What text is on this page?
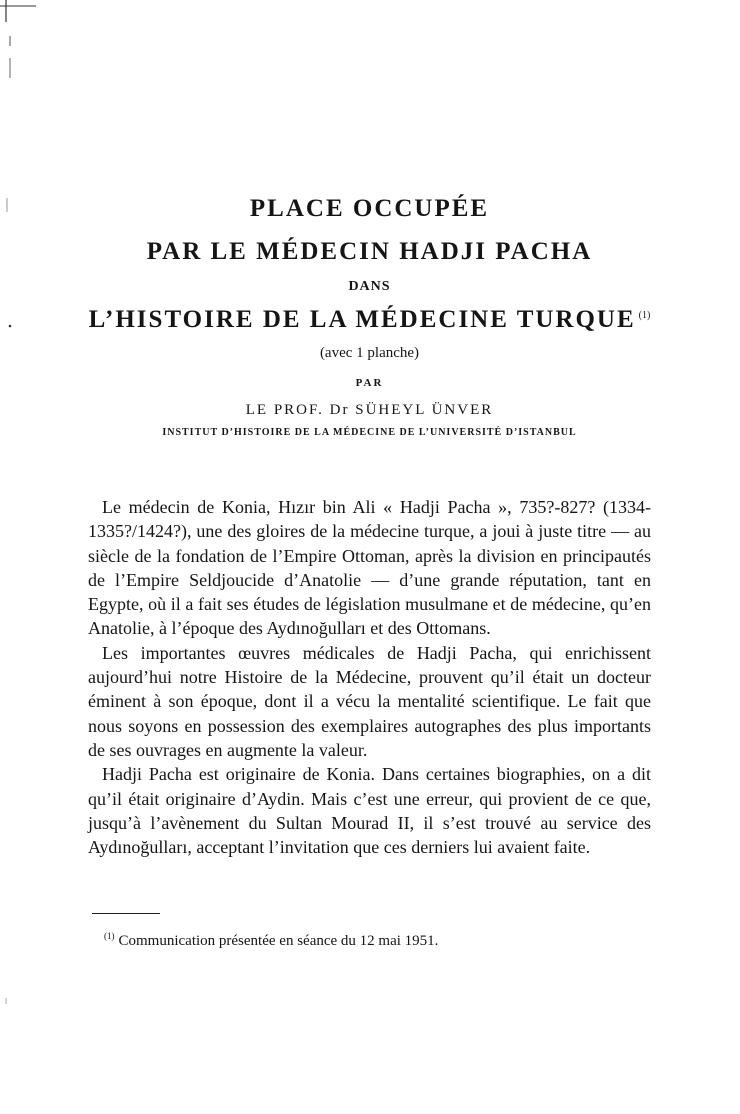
PLACE OCCUPÉE
PAR LE MÉDECIN HADJI PACHA
DANS
L’HISTOIRE DE LA MÉDECINE TURQUE $^{(1)}$
(avec 1 planche)
PAR
LE PROF. Dr SÜHEYL ÜNVER
INSTITUT D’HISTOIRE DE LA MÉDECINE DE L’UNIVERSITÉ D’ISTANBUL

Le médecin de Konia, Hızır bin Ali « Hadji Pacha », 735?-827? (1334-1335?/1424?), une des gloires de la médecine turque, a joui à juste titre — au siècle de la fondation de l’Empire Ottoman, après la division en principautés de l’Empire Seldjoucide d’Anatolie — d’une grande réputation, tant en Egypte, où il a fait ses études de législation musulmane et de médecine, qu’en Anatolie, à l’époque des Aydınoğulları et des Ottomans.

Les importantes œuvres médicales de Hadji Pacha, qui enrichissent aujourd’hui notre Histoire de la Médecine, prouvent qu’il était un docteur éminent à son époque, dont il a vécu la mentalité scientifique. Le fait que nous soyons en possession des exemplaires autographes des plus importants de ses ouvrages en augmente la valeur.

Hadji Pacha est originaire de Konia. Dans certaines biographies, on a dit qu’il était originaire d’Aydin. Mais c’est une erreur, qui provient de ce que, jusqu’à l’avènement du Sultan Mourad II, il s’est trouvé au service des Aydınoğulları, acceptant l’invitation que ces derniers lui avaient faite.

$^{(1)}$ Communication présentée en séance du 12 mai 1951.
